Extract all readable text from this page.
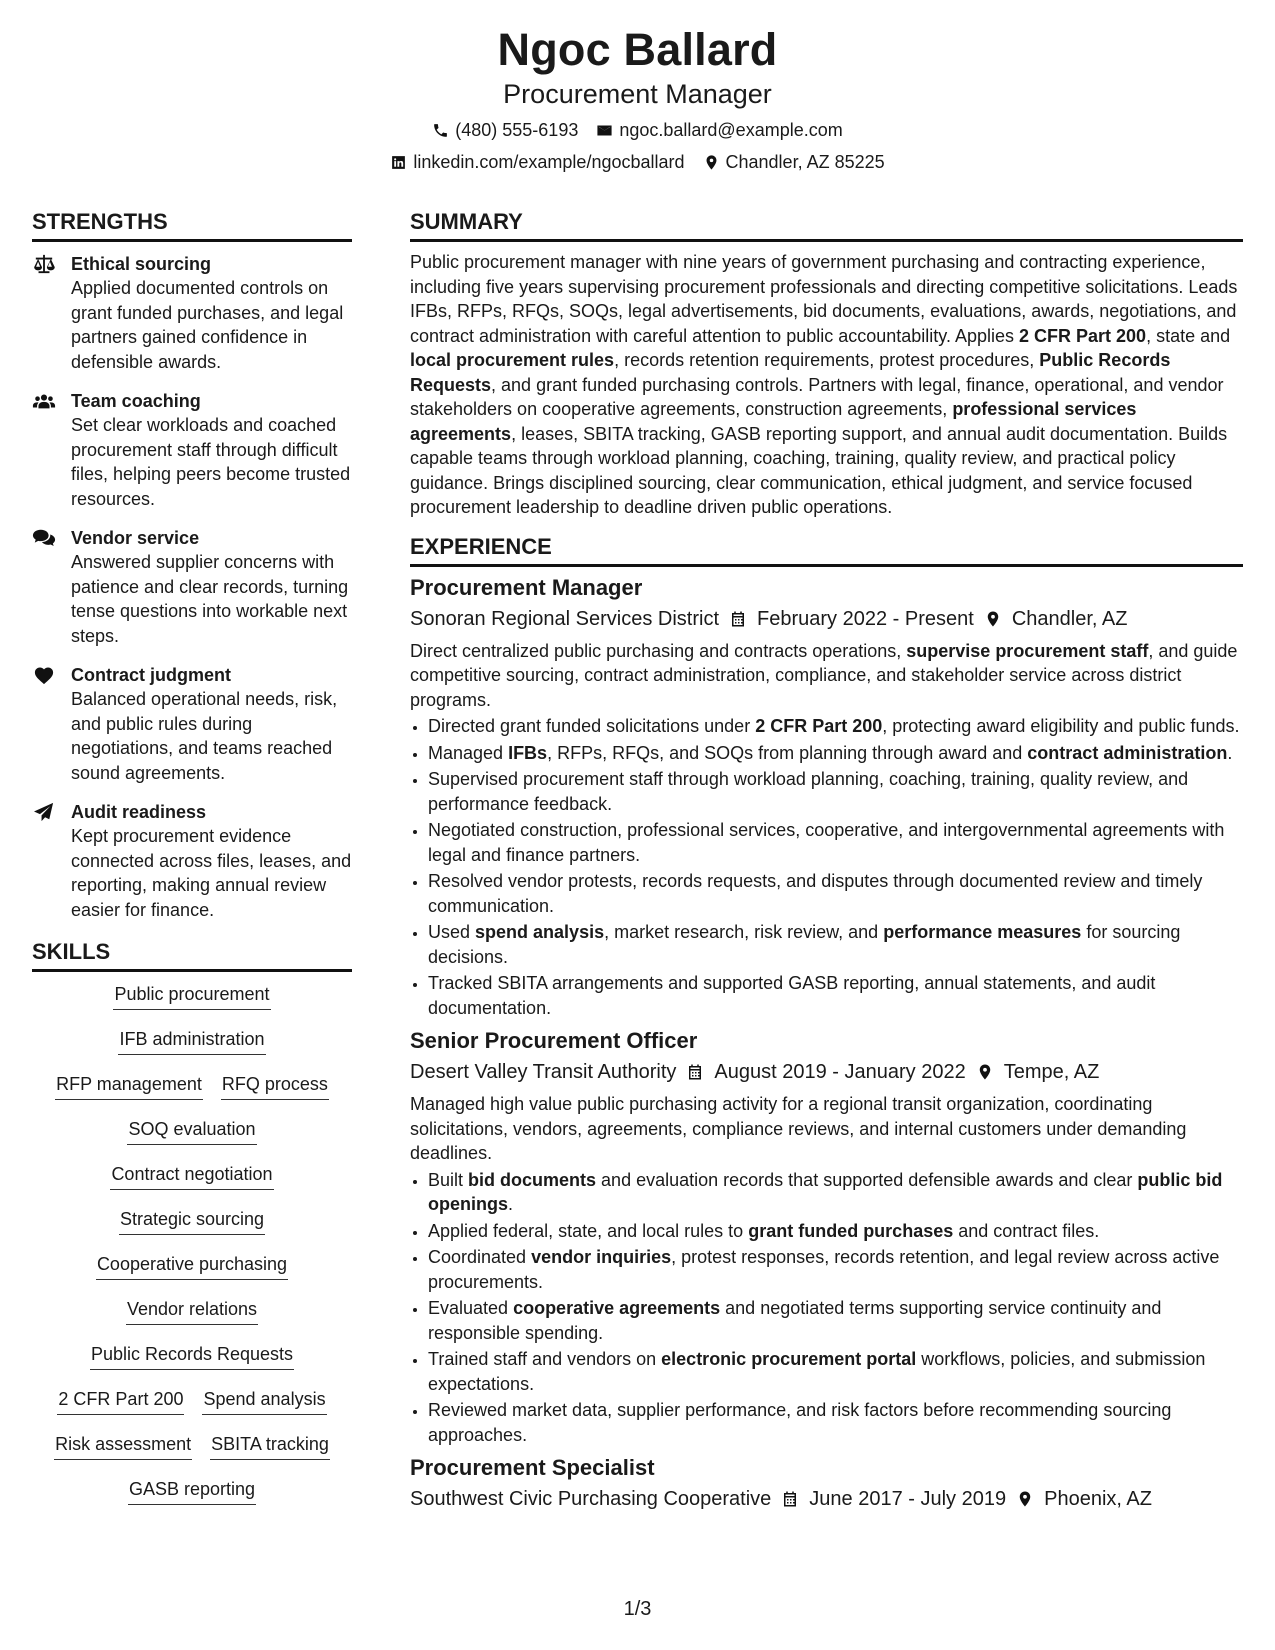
Ngoc Ballard
Procurement Manager
(480) 555-6193 ngoc.ballard@example.com
linkedin.com/example/ngocballard Chandler, AZ 85225
STRENGTHS
Ethical sourcing
Applied documented controls on grant funded purchases, and legal partners gained confidence in defensible awards.
Team coaching
Set clear workloads and coached procurement staff through difficult files, helping peers become trusted resources.
Vendor service
Answered supplier concerns with patience and clear records, turning tense questions into workable next steps.
Contract judgment
Balanced operational needs, risk, and public rules during negotiations, and teams reached sound agreements.
Audit readiness
Kept procurement evidence connected across files, leases, and reporting, making annual review easier for finance.
SKILLS
Public procurement
IFB administration
RFP management RFQ process
SOQ evaluation
Contract negotiation
Strategic sourcing
Cooperative purchasing
Vendor relations
Public Records Requests
2 CFR Part 200 Spend analysis
Risk assessment SBITA tracking
GASB reporting
SUMMARY
Public procurement manager with nine years of government purchasing and contracting experience, including five years supervising procurement professionals and directing competitive solicitations. Leads IFBs, RFPs, RFQs, SOQs, legal advertisements, bid documents, evaluations, awards, negotiations, and contract administration with careful attention to public accountability. Applies 2 CFR Part 200, state and local procurement rules, records retention requirements, protest procedures, Public Records Requests, and grant funded purchasing controls. Partners with legal, finance, operational, and vendor stakeholders on cooperative agreements, construction agreements, professional services agreements, leases, SBITA tracking, GASB reporting support, and annual audit documentation. Builds capable teams through workload planning, coaching, training, quality review, and practical policy guidance. Brings disciplined sourcing, clear communication, ethical judgment, and service focused procurement leadership to deadline driven public operations.
EXPERIENCE
Procurement Manager
Sonoran Regional Services District February 2022 - Present Chandler, AZ
Direct centralized public purchasing and contracts operations, supervise procurement staff, and guide competitive sourcing, contract administration, compliance, and stakeholder service across district programs.
• Directed grant funded solicitations under 2 CFR Part 200, protecting award eligibility and public funds.
• Managed IFBs, RFPs, RFQs, and SOQs from planning through award and contract administration.
• Supervised procurement staff through workload planning, coaching, training, quality review, and performance feedback.
• Negotiated construction, professional services, cooperative, and intergovernmental agreements with legal and finance partners.
• Resolved vendor protests, records requests, and disputes through documented review and timely communication.
• Used spend analysis, market research, risk review, and performance measures for sourcing decisions.
• Tracked SBITA arrangements and supported GASB reporting, annual statements, and audit documentation.
Senior Procurement Officer
Desert Valley Transit Authority August 2019 - January 2022 Tempe, AZ
Managed high value public purchasing activity for a regional transit organization, coordinating solicitations, vendors, agreements, compliance reviews, and internal customers under demanding deadlines.
• Built bid documents and evaluation records that supported defensible awards and clear public bid openings.
• Applied federal, state, and local rules to grant funded purchases and contract files.
• Coordinated vendor inquiries, protest responses, records retention, and legal review across active procurements.
• Evaluated cooperative agreements and negotiated terms supporting service continuity and responsible spending.
• Trained staff and vendors on electronic procurement portal workflows, policies, and submission expectations.
• Reviewed market data, supplier performance, and risk factors before recommending sourcing approaches.
Procurement Specialist
Southwest Civic Purchasing Cooperative June 2017 - July 2019 Phoenix, AZ
1/3
